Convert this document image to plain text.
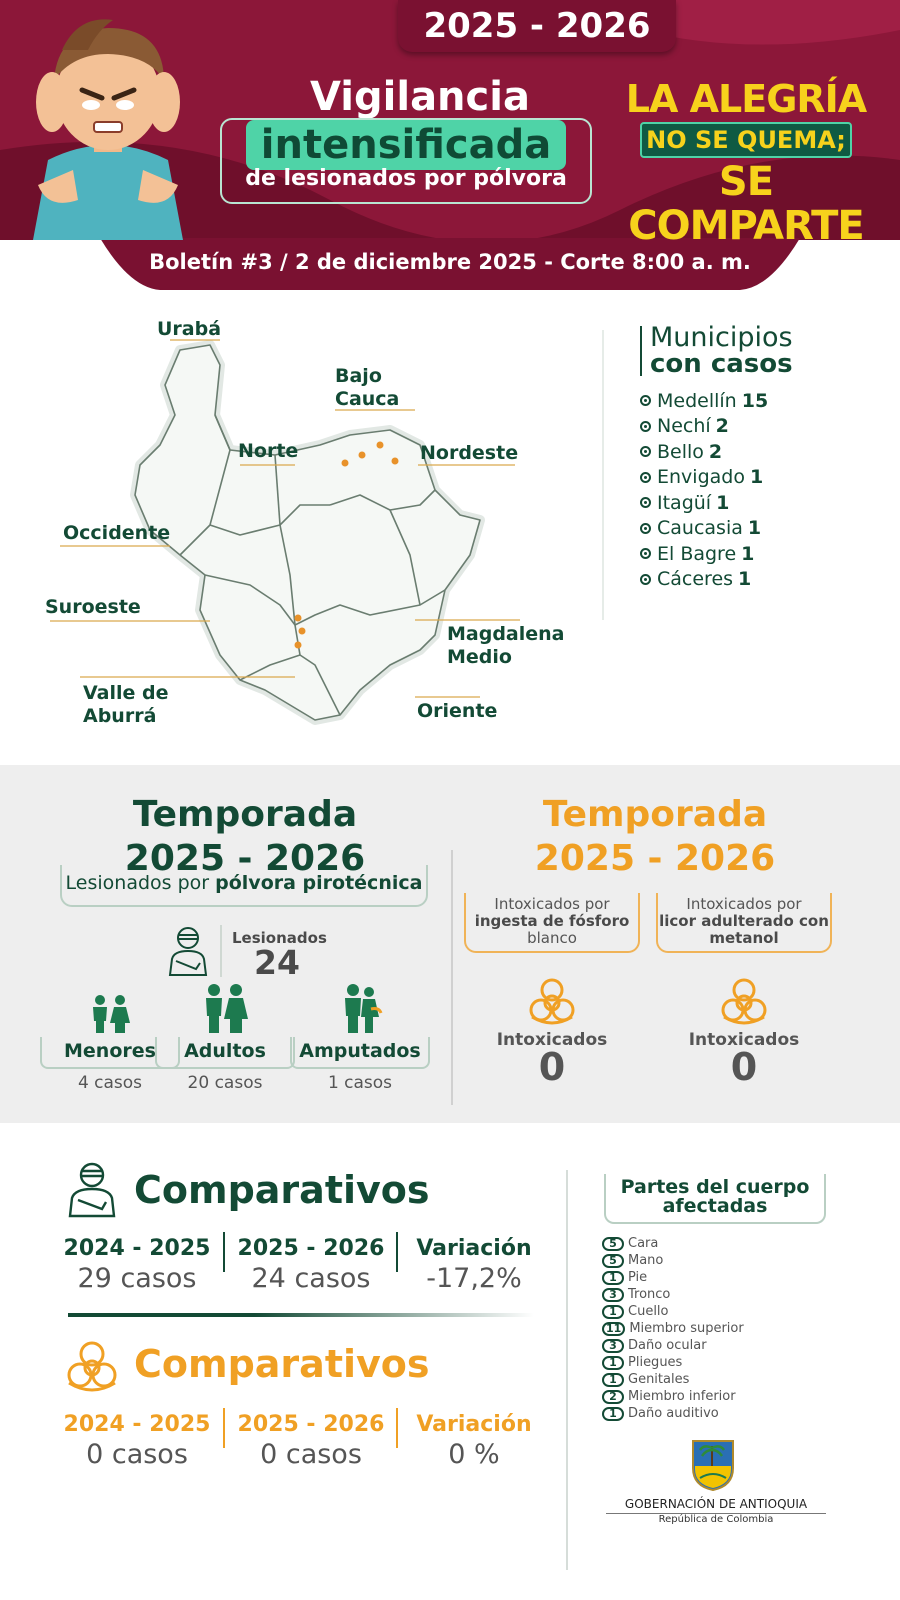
2025 - 2026
Vigilancia
intensificada
de lesionados por pólvora
LA ALEGRÍA
NO SE QUEMA;
SE COMPARTE
Boletín #3 / 2 de diciembre 2025 - Corte 8:00 a. m.
Urabá
Bajo Cauca
Norte	Nordeste
Occidente
Suroeste
Magdalena Medio
Valle de Aburrá	Oriente
Municipios
con casos
Medellín 15
Nechí 2
Bello 2
Envigado 1
Itagüí 1
Caucasia 1
El Bagre 1
Cáceres 1
Temporada
2025 - 2026
Lesionados por pólvora pirotécnica
Lesionados
24
Menores
4 casos
Adultos
20 casos
Amputados
1 casos
Temporada
2025 - 2026
Intoxicados por
ingesta de fósforo
blanco
Intoxicados por
licor adulterado con metanol
Intoxicados
0
Intoxicados
0
Comparativos
2024 - 2025
29 casos
2025 - 2026
24 casos
Variación
-17,2%
Comparativos
2024 - 2025
0 casos
2025 - 2026
0 casos
Variación
0 %
Partes del cuerpo afectadas
5 Cara
5 Mano
1 Pie
3 Tronco
1 Cuello
11 Miembro superior
3 Daño ocular
1 Pliegues
1 Genitales
2 Miembro inferior
1 Daño auditivo
GOBERNACIÓN DE ANTIOQUIA
República de Colombia
